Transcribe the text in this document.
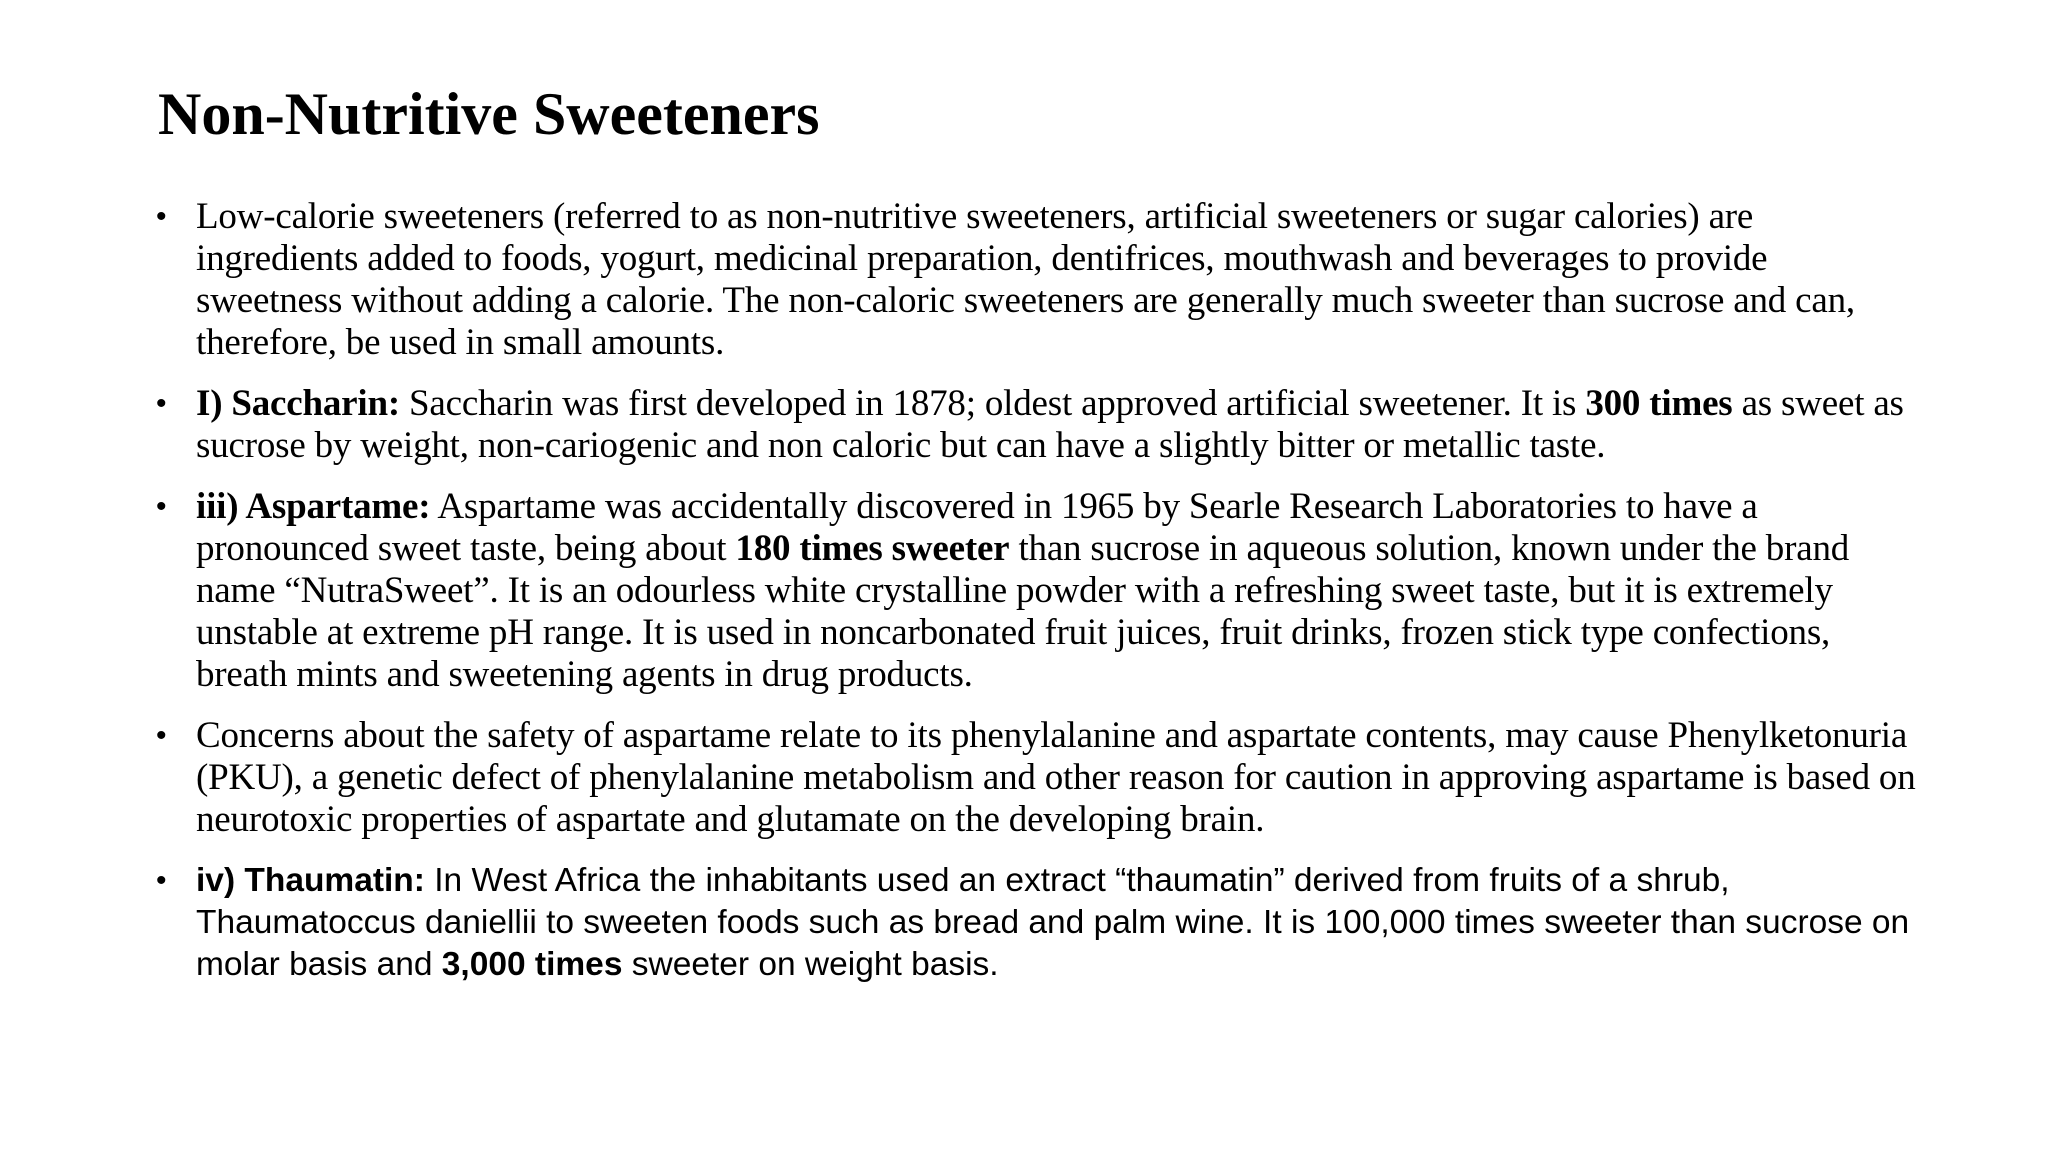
Non-Nutritive Sweeteners
• Low-calorie sweeteners (referred to as non-nutritive sweeteners, artificial sweeteners or sugar calories) are ingredients added to foods, yogurt, medicinal preparation, dentifrices, mouthwash and beverages to provide sweetness without adding a calorie. The non-caloric sweeteners are generally much sweeter than sucrose and can, therefore, be used in small amounts.
• I) Saccharin: Saccharin was first developed in 1878; oldest approved artificial sweetener. It is 300 times as sweet as sucrose by weight, non-cariogenic and non caloric but can have a slightly bitter or metallic taste.
• iii) Aspartame: Aspartame was accidentally discovered in 1965 by Searle Research Laboratories to have a pronounced sweet taste, being about 180 times sweeter than sucrose in aqueous solution, known under the brand name “NutraSweet”. It is an odourless white crystalline powder with a refreshing sweet taste, but it is extremely unstable at extreme pH range. It is used in noncarbonated fruit juices, fruit drinks, frozen stick type confections, breath mints and sweetening agents in drug products.
• Concerns about the safety of aspartame relate to its phenylalanine and aspartate contents, may cause Phenylketonuria (PKU), a genetic defect of phenylalanine metabolism and other reason for caution in approving aspartame is based on neurotoxic properties of aspartate and glutamate on the developing brain.
• iv) Thaumatin: In West Africa the inhabitants used an extract “thaumatin” derived from fruits of a shrub, Thaumatoccus daniellii to sweeten foods such as bread and palm wine. It is 100,000 times sweeter than sucrose on molar basis and 3,000 times sweeter on weight basis.
